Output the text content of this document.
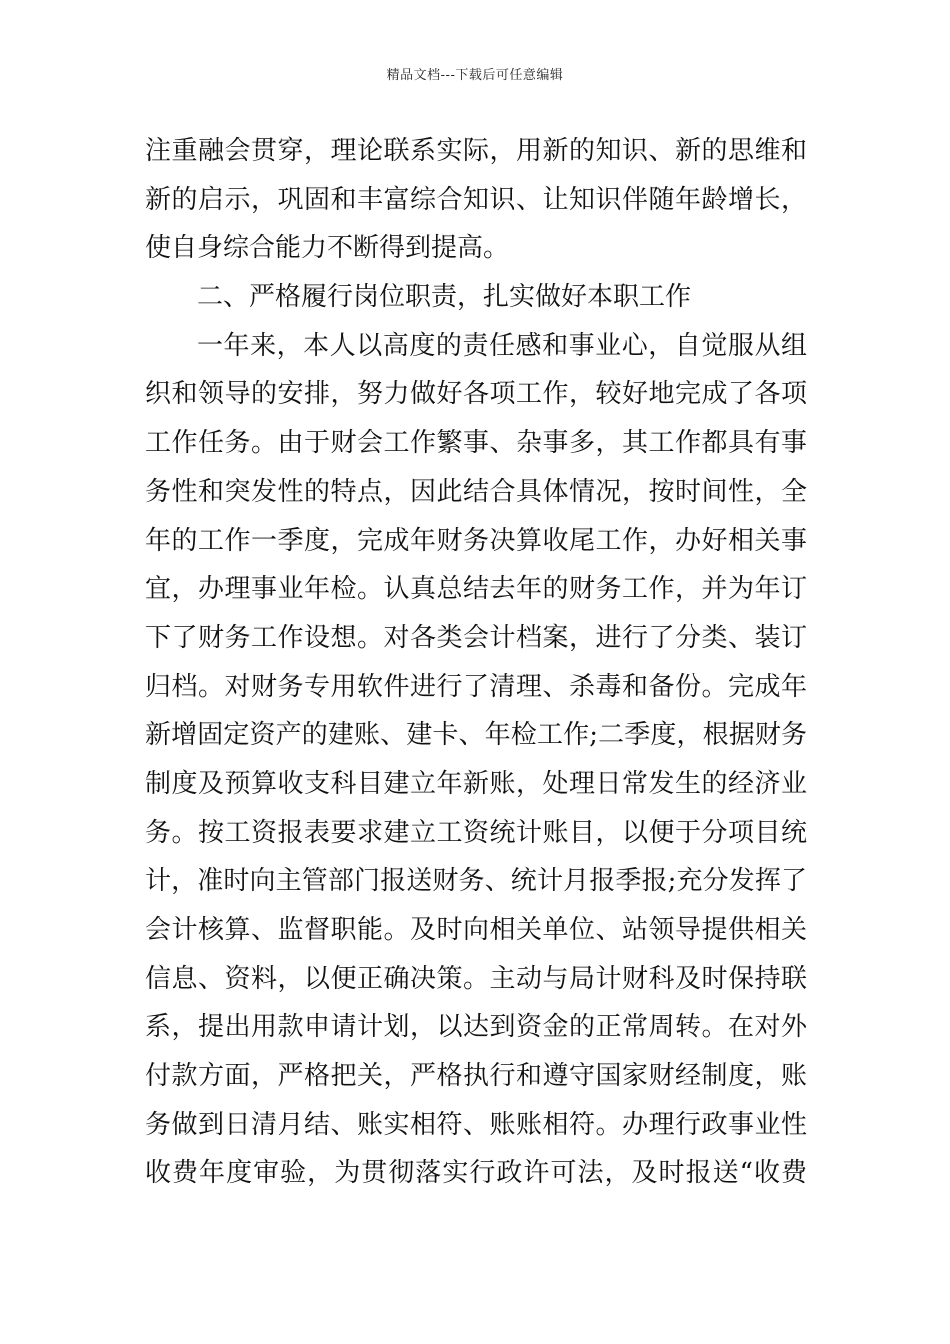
精品文档---下载后可任意编辑
注重融会贯穿，理论联系实际，用新的知识、新的思维和
新的启示，巩固和丰富综合知识、让知识伴随年龄增长，
使自身综合能力不断得到提高。
二、严格履行岗位职责，扎实做好本职工作
一年来，本人以高度的责任感和事业心，自觉服从组
织和领导的安排，努力做好各项工作，较好地完成了各项
工作任务。由于财会工作繁事、杂事多，其工作都具有事
务性和突发性的特点，因此结合具体情况，按时间性，全
年的工作一季度，完成年财务决算收尾工作，办好相关事
宜，办理事业年检。认真总结去年的财务工作，并为年订
下了财务工作设想。对各类会计档案，进行了分类、装订
归档。对财务专用软件进行了清理、杀毒和备份。完成年
新增固定资产的建账、建卡、年检工作;二季度，根据财务
制度及预算收支科目建立年新账，处理日常发生的经济业
务。按工资报表要求建立工资统计账目，以便于分项目统
计，准时向主管部门报送财务、统计月报季报;充分发挥了
会计核算、监督职能。及时向相关单位、站领导提供相关
信息、资料，以便正确决策。主动与局计财科及时保持联
系，提出用款申请计划，以达到资金的正常周转。在对外
付款方面，严格把关，严格执行和遵守国家财经制度，账
务做到日清月结、账实相符、账账相符。办理行政事业性
收费年度审验，为贯彻落实行政许可法，及时报送“收费
